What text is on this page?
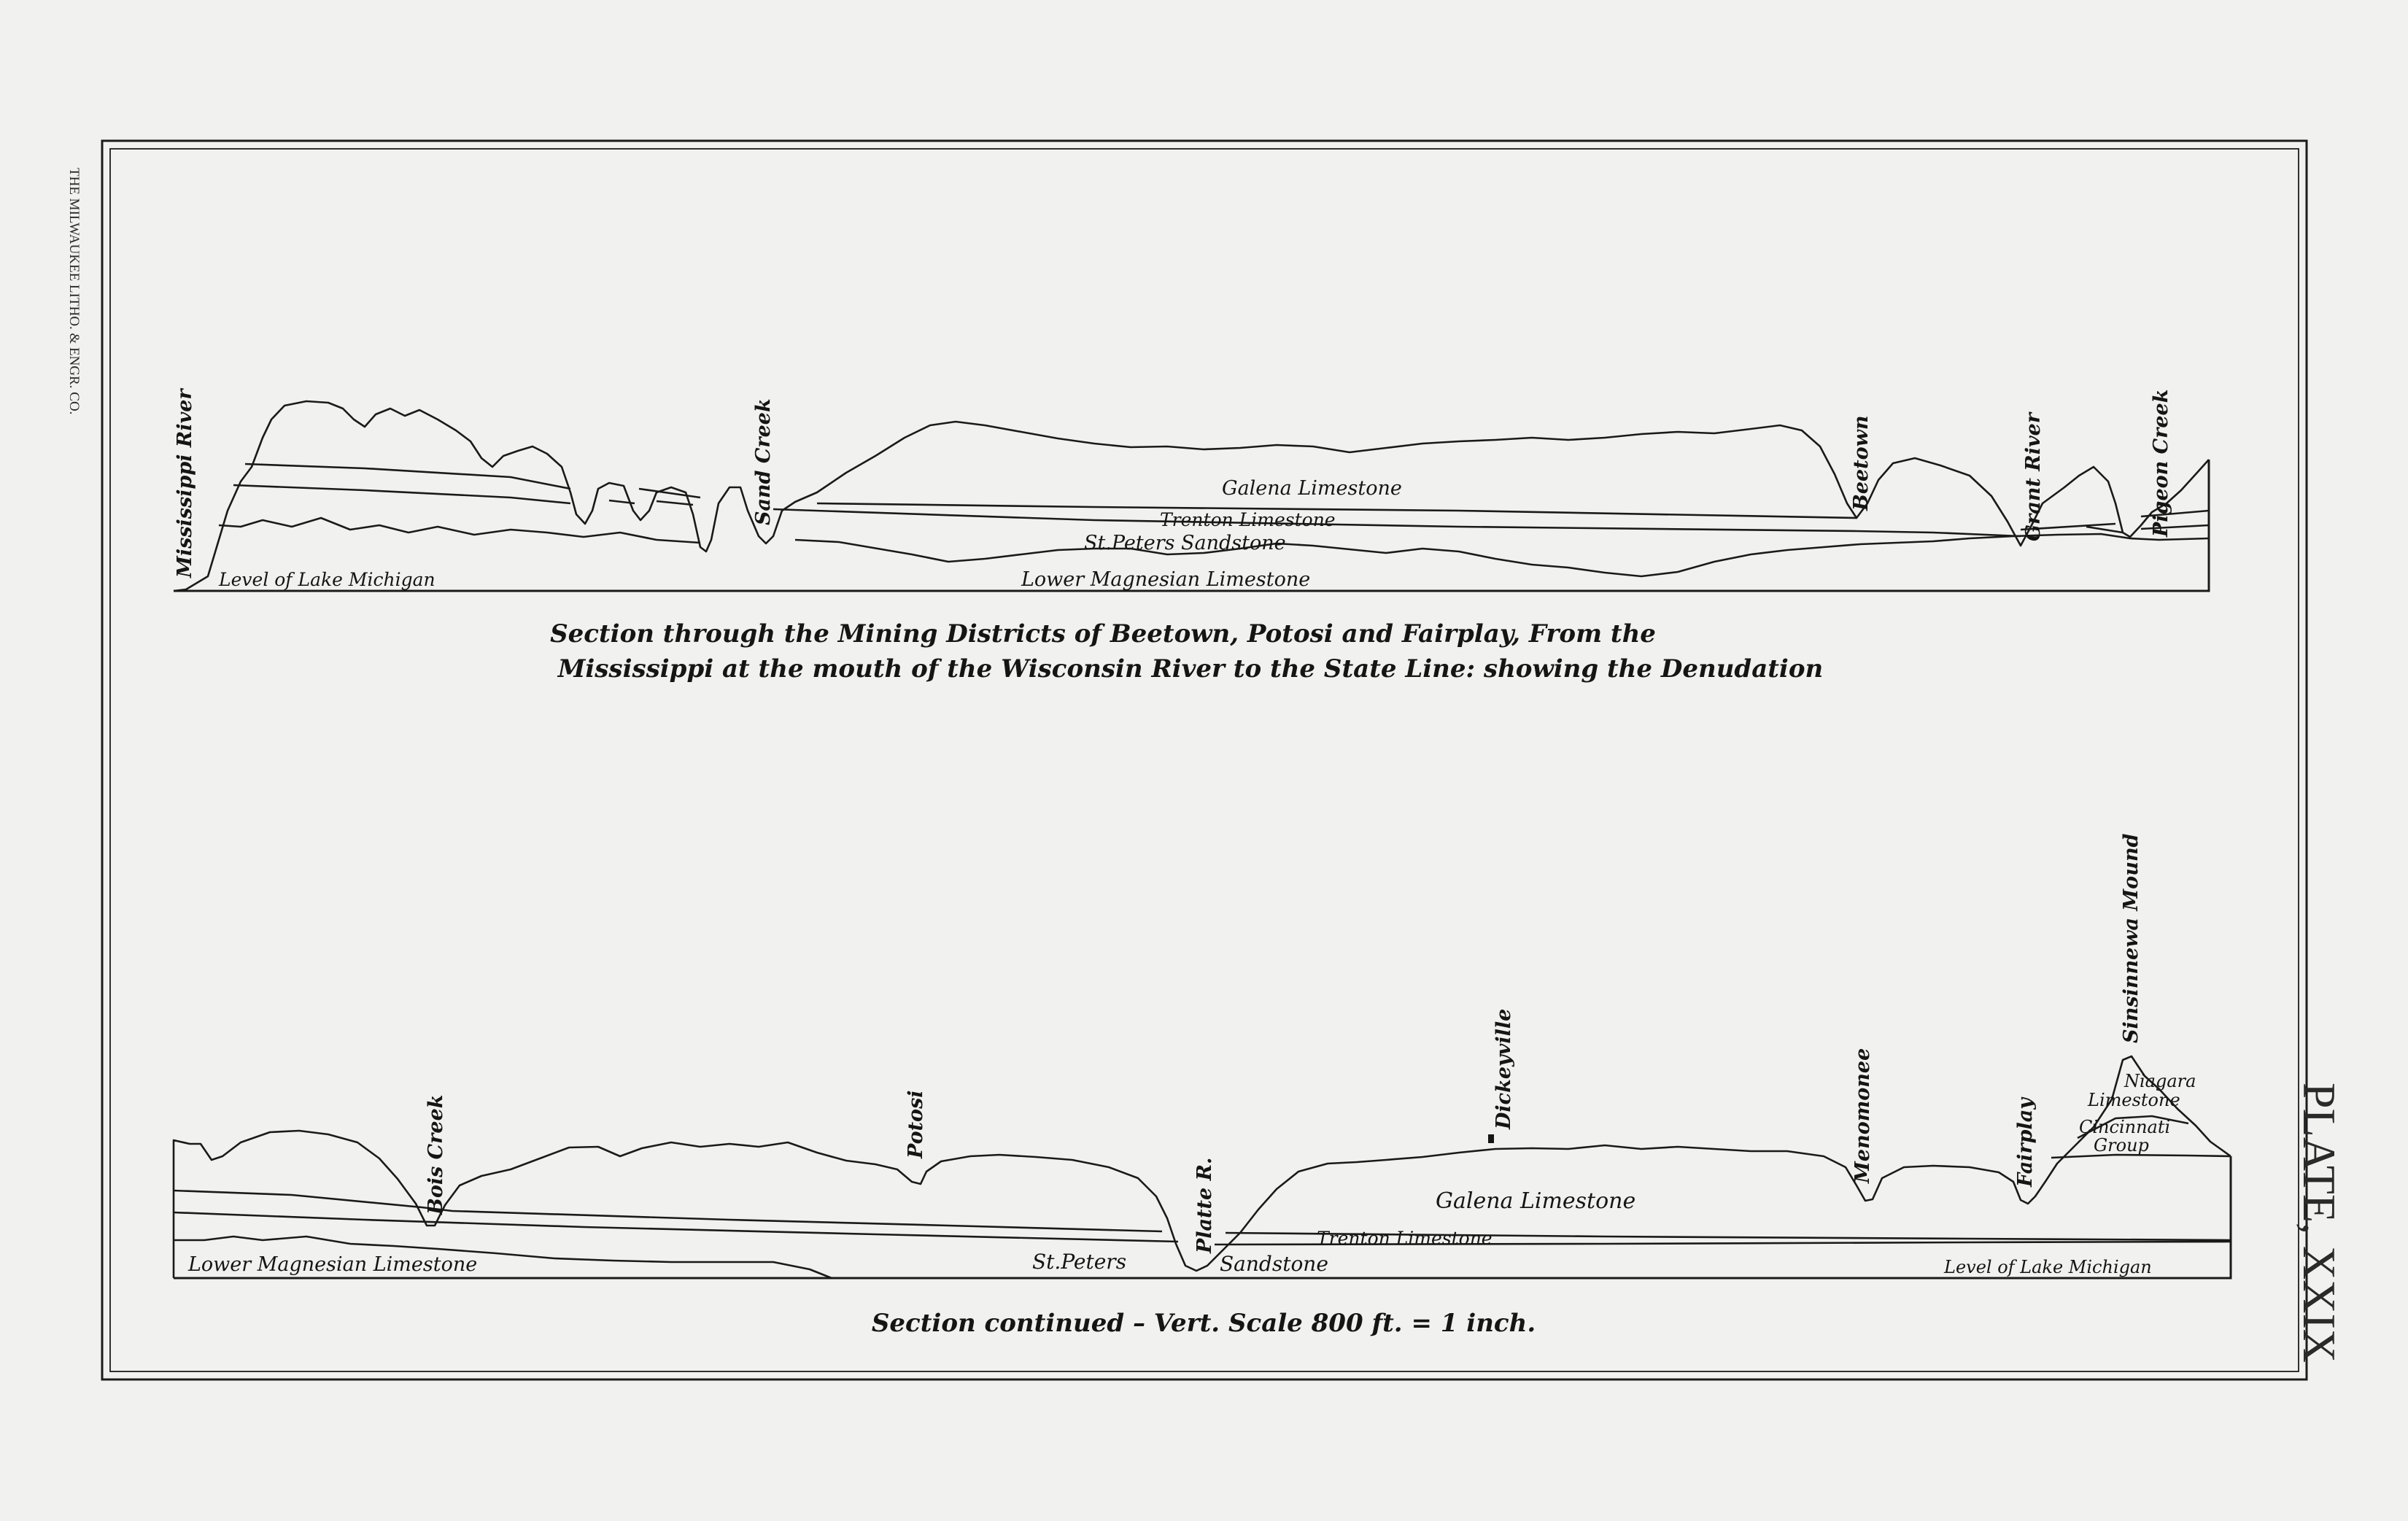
THE MILWAUKEE LITHO. & ENGR. CO.
PLATE, XXIX
Mississippi River	Sand Creek	Beetown	Grant River	Pigeon Creek
Galena Limestone
Trenton Limestone
St.Peters Sandstone
Lower Magnesian Limestone
Level of Lake Michigan
Section through the Mining Districts of Beetown, Potosi and Fairplay, From the
Mississippi at the mouth of the Wisconsin River to the State Line: showing the Denudation
Bois Creek	Potosi
Platte R.
Dickeyville	Menomonee	Fairplay
Sinsinnewa Mound
Galena Limestone
Trenton Limestone
St.Peters	Sandstone
Lower Magnesian Limestone	Level of Lake Michigan
Niagara
Limestone
Cincinnati
Group
Section continued – Vert. Scale 800 ft. = 1 inch.
